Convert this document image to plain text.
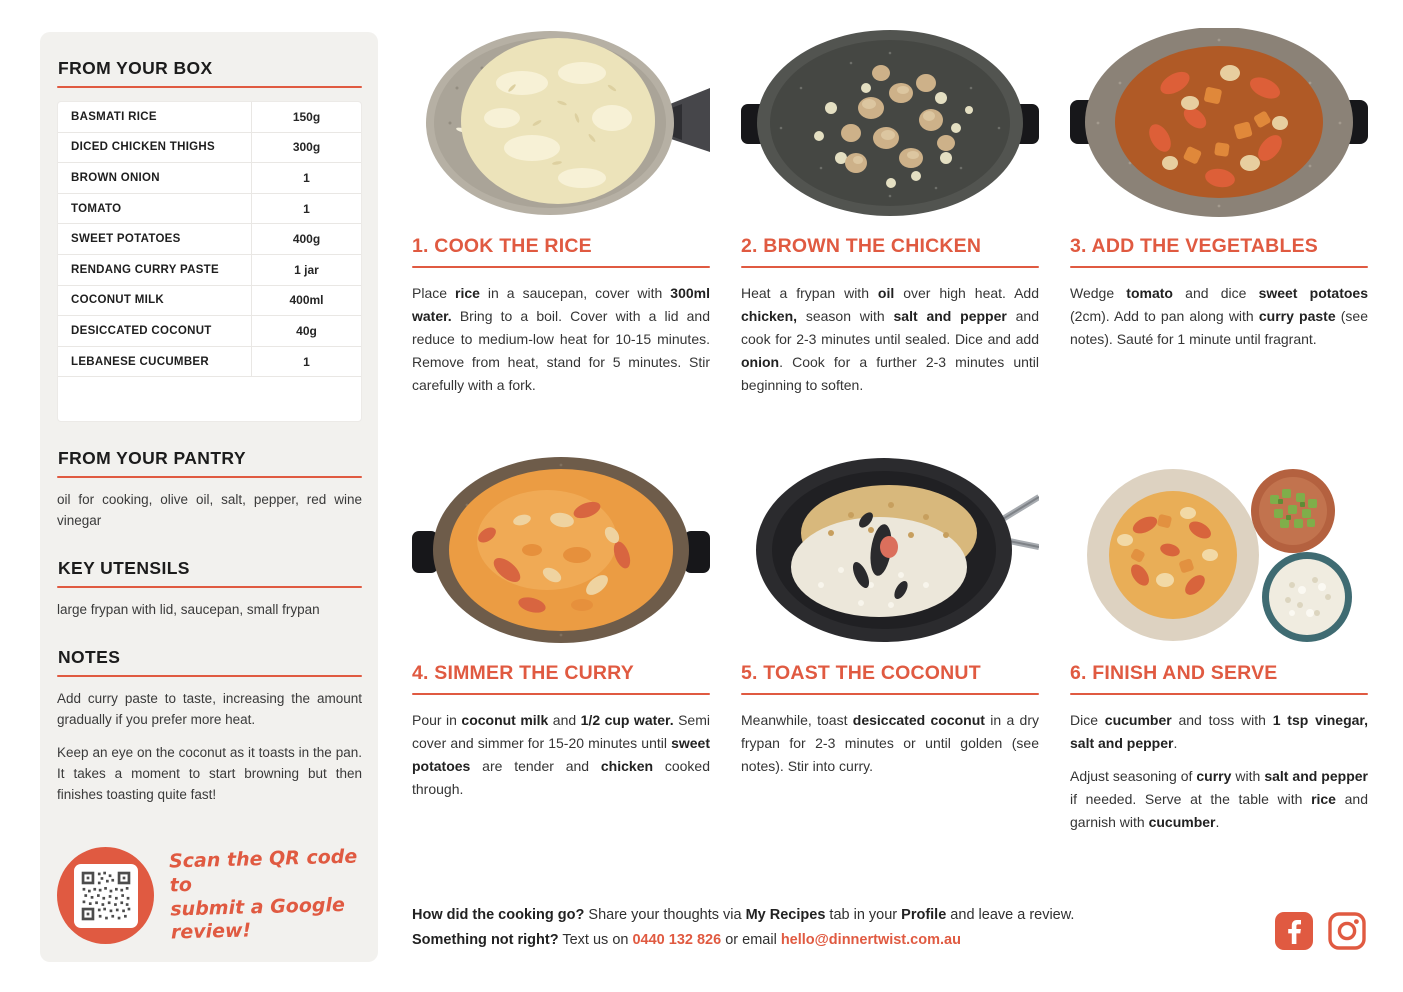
FROM YOUR BOX
BASMATI RICE	150g
DICED CHICKEN THIGHS	300g
BROWN ONION	1
TOMATO	1
SWEET POTATOES	400g
RENDANG CURRY PASTE	1 jar
COCONUT MILK	400ml
DESICCATED COCONUT	40g
LEBANESE CUCUMBER	1
FROM YOUR PANTRY
oil for cooking, olive oil, salt, pepper, red wine vinegar
KEY UTENSILS
large frypan with lid, saucepan, small frypan
NOTES

Add curry paste to taste, increasing the amount gradually if you prefer more heat.

Keep an eye on the coconut as it toasts in the pan. It takes a moment to start browning but then finishes toasting quite fast!

Scan the QR code to
submit a Google review!
1. COOK THE RICE

Place rice in a saucepan, cover with 300ml water. Bring to a boil. Cover with a lid and reduce to medium-low heat for 10-15 minutes. Remove from heat, stand for 5 minutes. Stir carefully with a fork.

2. BROWN THE CHICKEN

Heat a frypan with oil over high heat. Add chicken, season with salt and pepper and cook for 2-3 minutes until sealed. Dice and add onion. Cook for a further 2-3 minutes until beginning to soften.

3. ADD THE VEGETABLES

Wedge tomato and dice sweet potatoes (2cm). Add to pan along with curry paste (see notes). Sauté for 1 minute until fragrant.

4. SIMMER THE CURRY

Pour in coconut milk and 1/2 cup water. Semi cover and simmer for 15-20 minutes until sweet potatoes are tender and chicken cooked through.

5. TOAST THE COCONUT

Meanwhile, toast desiccated coconut in a dry frypan for 2-3 minutes or until golden (see notes). Stir into curry.

6. FINISH AND SERVE

Dice cucumber and toss with 1 tsp vinegar, salt and pepper.

Adjust seasoning of curry with salt and pepper if needed. Serve at the table with rice and garnish with cucumber.

How did the cooking go? Share your thoughts via My Recipes tab in your Profile and leave a review.

Something not right? Text us on 0440 132 826 or email hello@dinnertwist.com.au
